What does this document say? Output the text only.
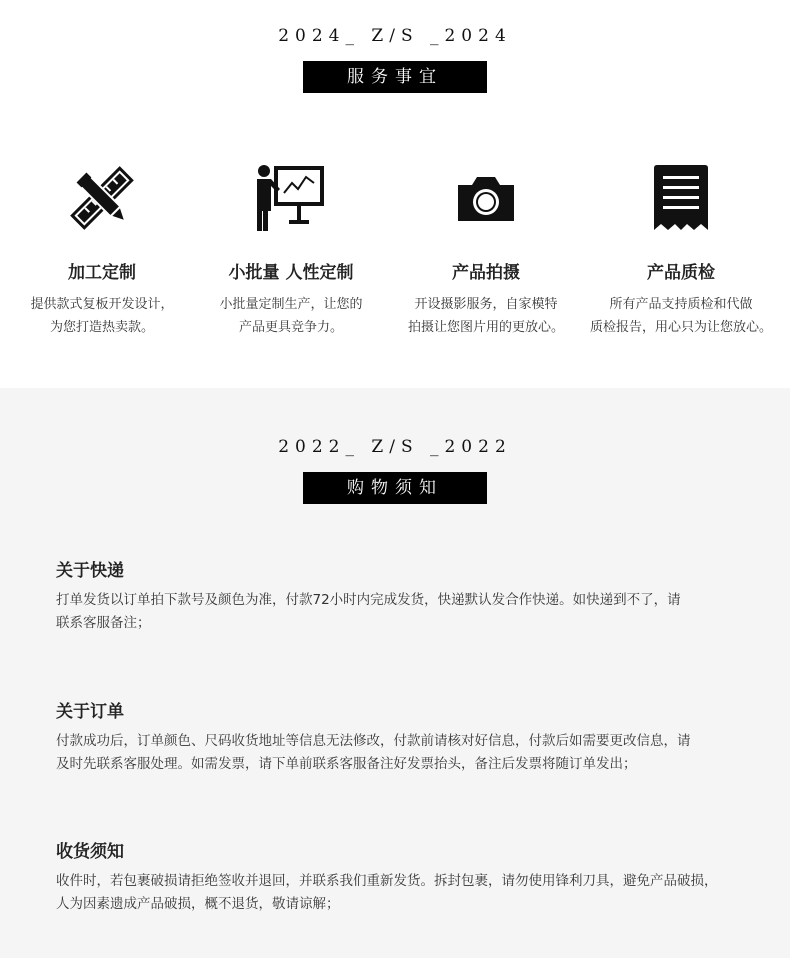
2024_ Z/S _2024
服务事宜
加工定制
提供款式复板开发设计，
为您打造热卖款。
小批量 人性定制
小批量定制生产，让您的
产品更具竞争力。
产品拍摄
开设摄影服务，自家模特
拍摄让您图片用的更放心。
产品质检
所有产品支持质检和代做
质检报告，用心只为让您放心。
2022_ Z/S _2022
购物须知
关于快递
打单发货以订单拍下款号及颜色为准，付款72小时内完成发货，快递默认发合作快递。如快递到不了，请
联系客服备注；
关于订单
付款成功后，订单颜色、尺码收货地址等信息无法修改，付款前请核对好信息，付款后如需要更改信息，请
及时先联系客服处理。如需发票，请下单前联系客服备注好发票抬头，备注后发票将随订单发出；
收货须知
收件时，若包裹破损请拒绝签收并退回，并联系我们重新发货。拆封包裹，请勿使用锋利刀具，避免产品破损，
人为因素遗成产品破损，概不退货，敬请谅解；
